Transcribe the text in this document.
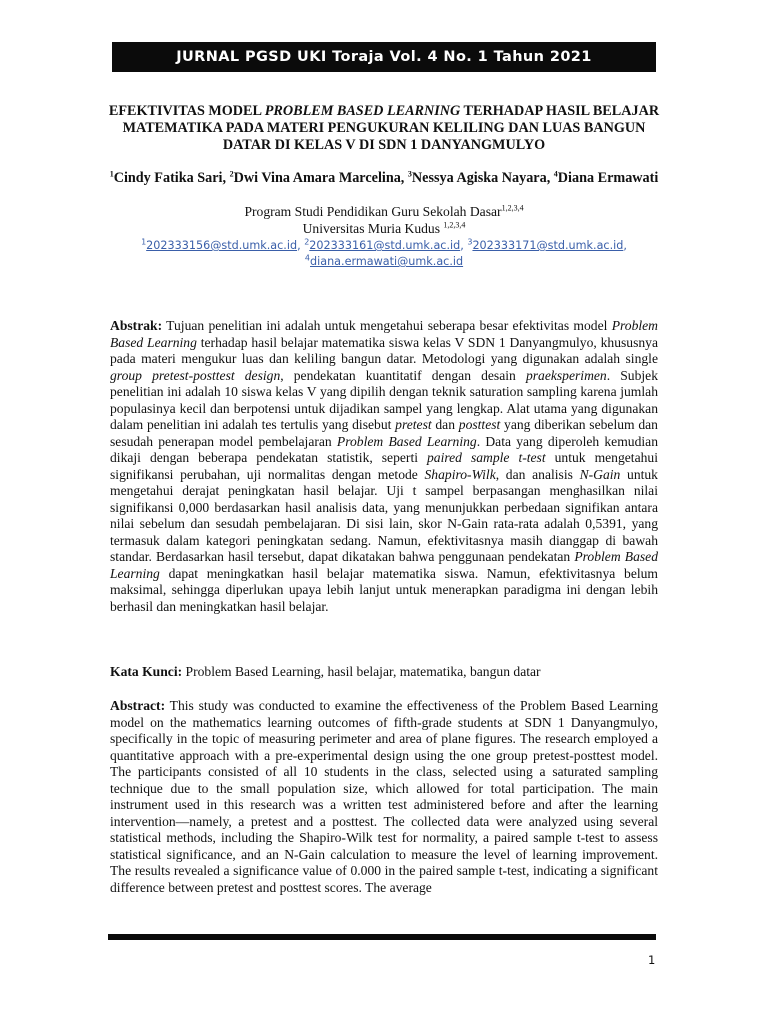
JURNAL PGSD UKI Toraja Vol. 4 No. 1 Tahun 2021
EFEKTIVITAS MODEL PROBLEM BASED LEARNING TERHADAP HASIL BELAJAR MATEMATIKA PADA MATERI PENGUKURAN KELILING DAN LUAS BANGUN DATAR DI KELAS V DI SDN 1 DANYANGMULYO
$^1$Cindy Fatika Sari, $^2$Dwi Vina Amara Marcelina, $^3$Nessya Agiska Nayara, $^4$Diana Ermawati
Program Studi Pendidikan Guru Sekolah Dasar$^{1,2,3,4}$
Universitas Muria Kudus $^{1,2,3,4}$
$^1$202333156@std.umk.ac.id, $^2$202333161@std.umk.ac.id, $^3$202333171@std.umk.ac.id,
$^4$diana.ermawati@umk.ac.id
Abstrak: Tujuan penelitian ini adalah untuk mengetahui seberapa besar efektivitas model Problem Based Learning terhadap hasil belajar matematika siswa kelas V SDN 1 Danyangmulyo, khususnya pada materi mengukur luas dan keliling bangun datar. Metodologi yang digunakan adalah single group pretest-posttest design, pendekatan kuantitatif dengan desain praeksperimen. Subjek penelitian ini adalah 10 siswa kelas V yang dipilih dengan teknik saturation sampling karena jumlah populasinya kecil dan berpotensi untuk dijadikan sampel yang lengkap. Alat utama yang digunakan dalam penelitian ini adalah tes tertulis yang disebut pretest dan posttest yang diberikan sebelum dan sesudah penerapan model pembelajaran Problem Based Learning. Data yang diperoleh kemudian dikaji dengan beberapa pendekatan statistik, seperti paired sample t-test untuk mengetahui signifikansi perubahan, uji normalitas dengan metode Shapiro-Wilk, dan analisis N-Gain untuk mengetahui derajat peningkatan hasil belajar. Uji t sampel berpasangan menghasilkan nilai signifikansi 0,000 berdasarkan hasil analisis data, yang menunjukkan perbedaan signifikan antara nilai sebelum dan sesudah pembelajaran. Di sisi lain, skor N-Gain rata-rata adalah 0,5391, yang termasuk dalam kategori peningkatan sedang. Namun, efektivitasnya masih dianggap di bawah standar. Berdasarkan hasil tersebut, dapat dikatakan bahwa penggunaan pendekatan Problem Based Learning dapat meningkatkan hasil belajar matematika siswa. Namun, efektivitasnya belum maksimal, sehingga diperlukan upaya lebih lanjut untuk menerapkan paradigma ini dengan lebih berhasil dan meningkatkan hasil belajar.
Kata Kunci: Problem Based Learning, hasil belajar, matematika, bangun datar
Abstract: This study was conducted to examine the effectiveness of the Problem Based Learning model on the mathematics learning outcomes of fifth-grade students at SDN 1 Danyangmulyo, specifically in the topic of measuring perimeter and area of plane figures. The research employed a quantitative approach with a pre-experimental design using the one group pretest-posttest model. The participants consisted of all 10 students in the class, selected using a saturated sampling technique due to the small population size, which allowed for total participation. The main instrument used in this research was a written test administered before and after the learning intervention—namely, a pretest and a posttest. The collected data were analyzed using several statistical methods, including the Shapiro-Wilk test for normality, a paired sample t-test to assess statistical significance, and an N-Gain calculation to measure the level of learning improvement. The results revealed a significance value of 0.000 in the paired sample t-test, indicating a significant difference between pretest and posttest scores. The average
1
